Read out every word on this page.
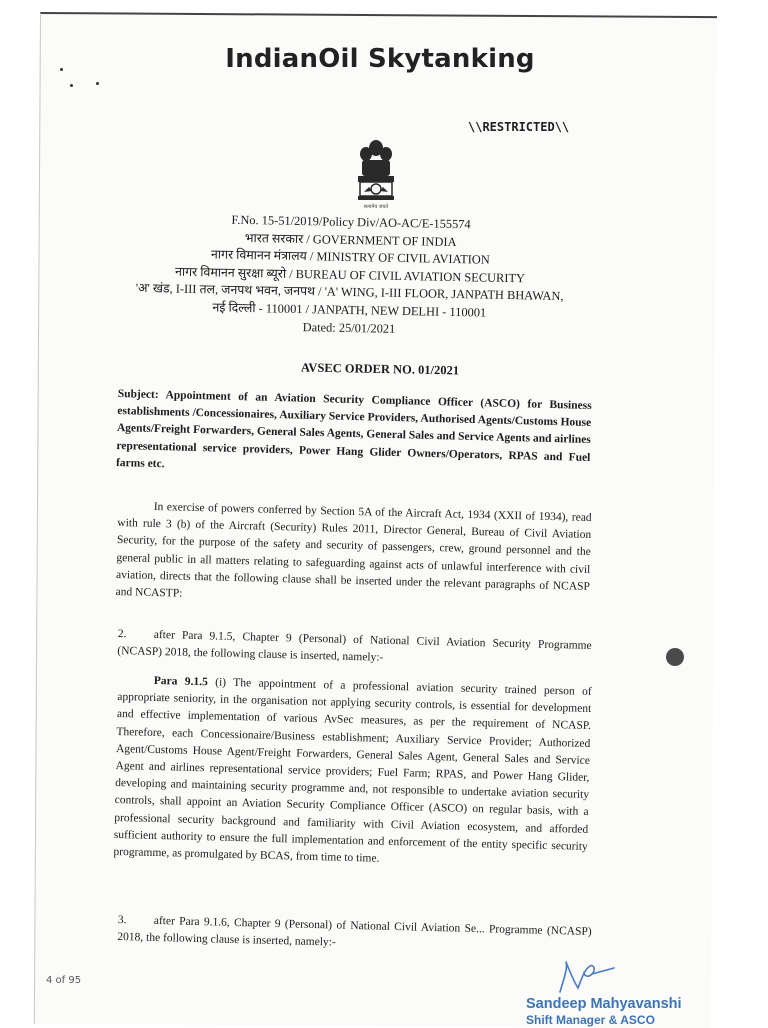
IndianOil Skytanking
\\RESTRICTED\\
सत्यमेव जयते
F.No. 15-51/2019/Policy Div/AO-AC/E-155574
भारत सरकार / GOVERNMENT OF INDIA
नागर विमानन मंत्रालय / MINISTRY OF CIVIL AVIATION
नागर विमानन सुरक्षा ब्यूरो / BUREAU OF CIVIL AVIATION SECURITY
'अ' खंड, I-III तल, जनपथ भवन, जनपथ / 'A' WING, I-III FLOOR, JANPATH BHAWAN,
नई दिल्ली - 110001 / JANPATH, NEW DELHI - 110001
Dated: 25/01/2021
AVSEC ORDER NO. 01/2021
Subject: Appointment of an Aviation Security Compliance Officer (ASCO) for Business establishments /Concessionaires, Auxiliary Service Providers, Authorised Agents/Customs House Agents/Freight Forwarders, General Sales Agents, General Sales and Service Agents and airlines representational service providers, Power Hang Glider Owners/Operators, RPAS and Fuel farms etc.
In exercise of powers conferred by Section 5A of the Aircraft Act, 1934 (XXII of 1934), read with rule 3 (b) of the Aircraft (Security) Rules 2011, Director General, Bureau of Civil Aviation Security, for the purpose of the safety and security of passengers, crew, ground personnel and the general public in all matters relating to safeguarding against acts of unlawful interference with civil aviation, directs that the following clause shall be inserted under the relevant paragraphs of NCASP and NCASTP:
2. after Para 9.1.5, Chapter 9 (Personal) of National Civil Aviation Security Programme (NCASP) 2018, the following clause is inserted, namely:-
Para 9.1.5 (i) The appointment of a professional aviation security trained person of appropriate seniority, in the organisation not applying security controls, is essential for development and effective implementation of various AvSec measures, as per the requirement of NCASP. Therefore, each Concessionaire/Business establishment; Auxiliary Service Provider; Authorized Agent/Customs House Agent/Freight Forwarders, General Sales Agent, General Sales and Service Agent and airlines representational service providers; Fuel Farm; RPAS, and Power Hang Glider, developing and maintaining security programme and, not responsible to undertake aviation security controls, shall appoint an Aviation Security Compliance Officer (ASCO) on regular basis, with a professional security background and familiarity with Civil Aviation ecosystem, and afforded sufficient authority to ensure the full implementation and enforcement of the entity specific security programme, as promulgated by BCAS, from time to time.
3. after Para 9.1.6, Chapter 9 (Personal) of National Civil Aviation Se... Programme (NCASP) 2018, the following clause is inserted, namely:-
4 of 95
Sandeep Mahyavanshi
Shift Manager & ASCO
